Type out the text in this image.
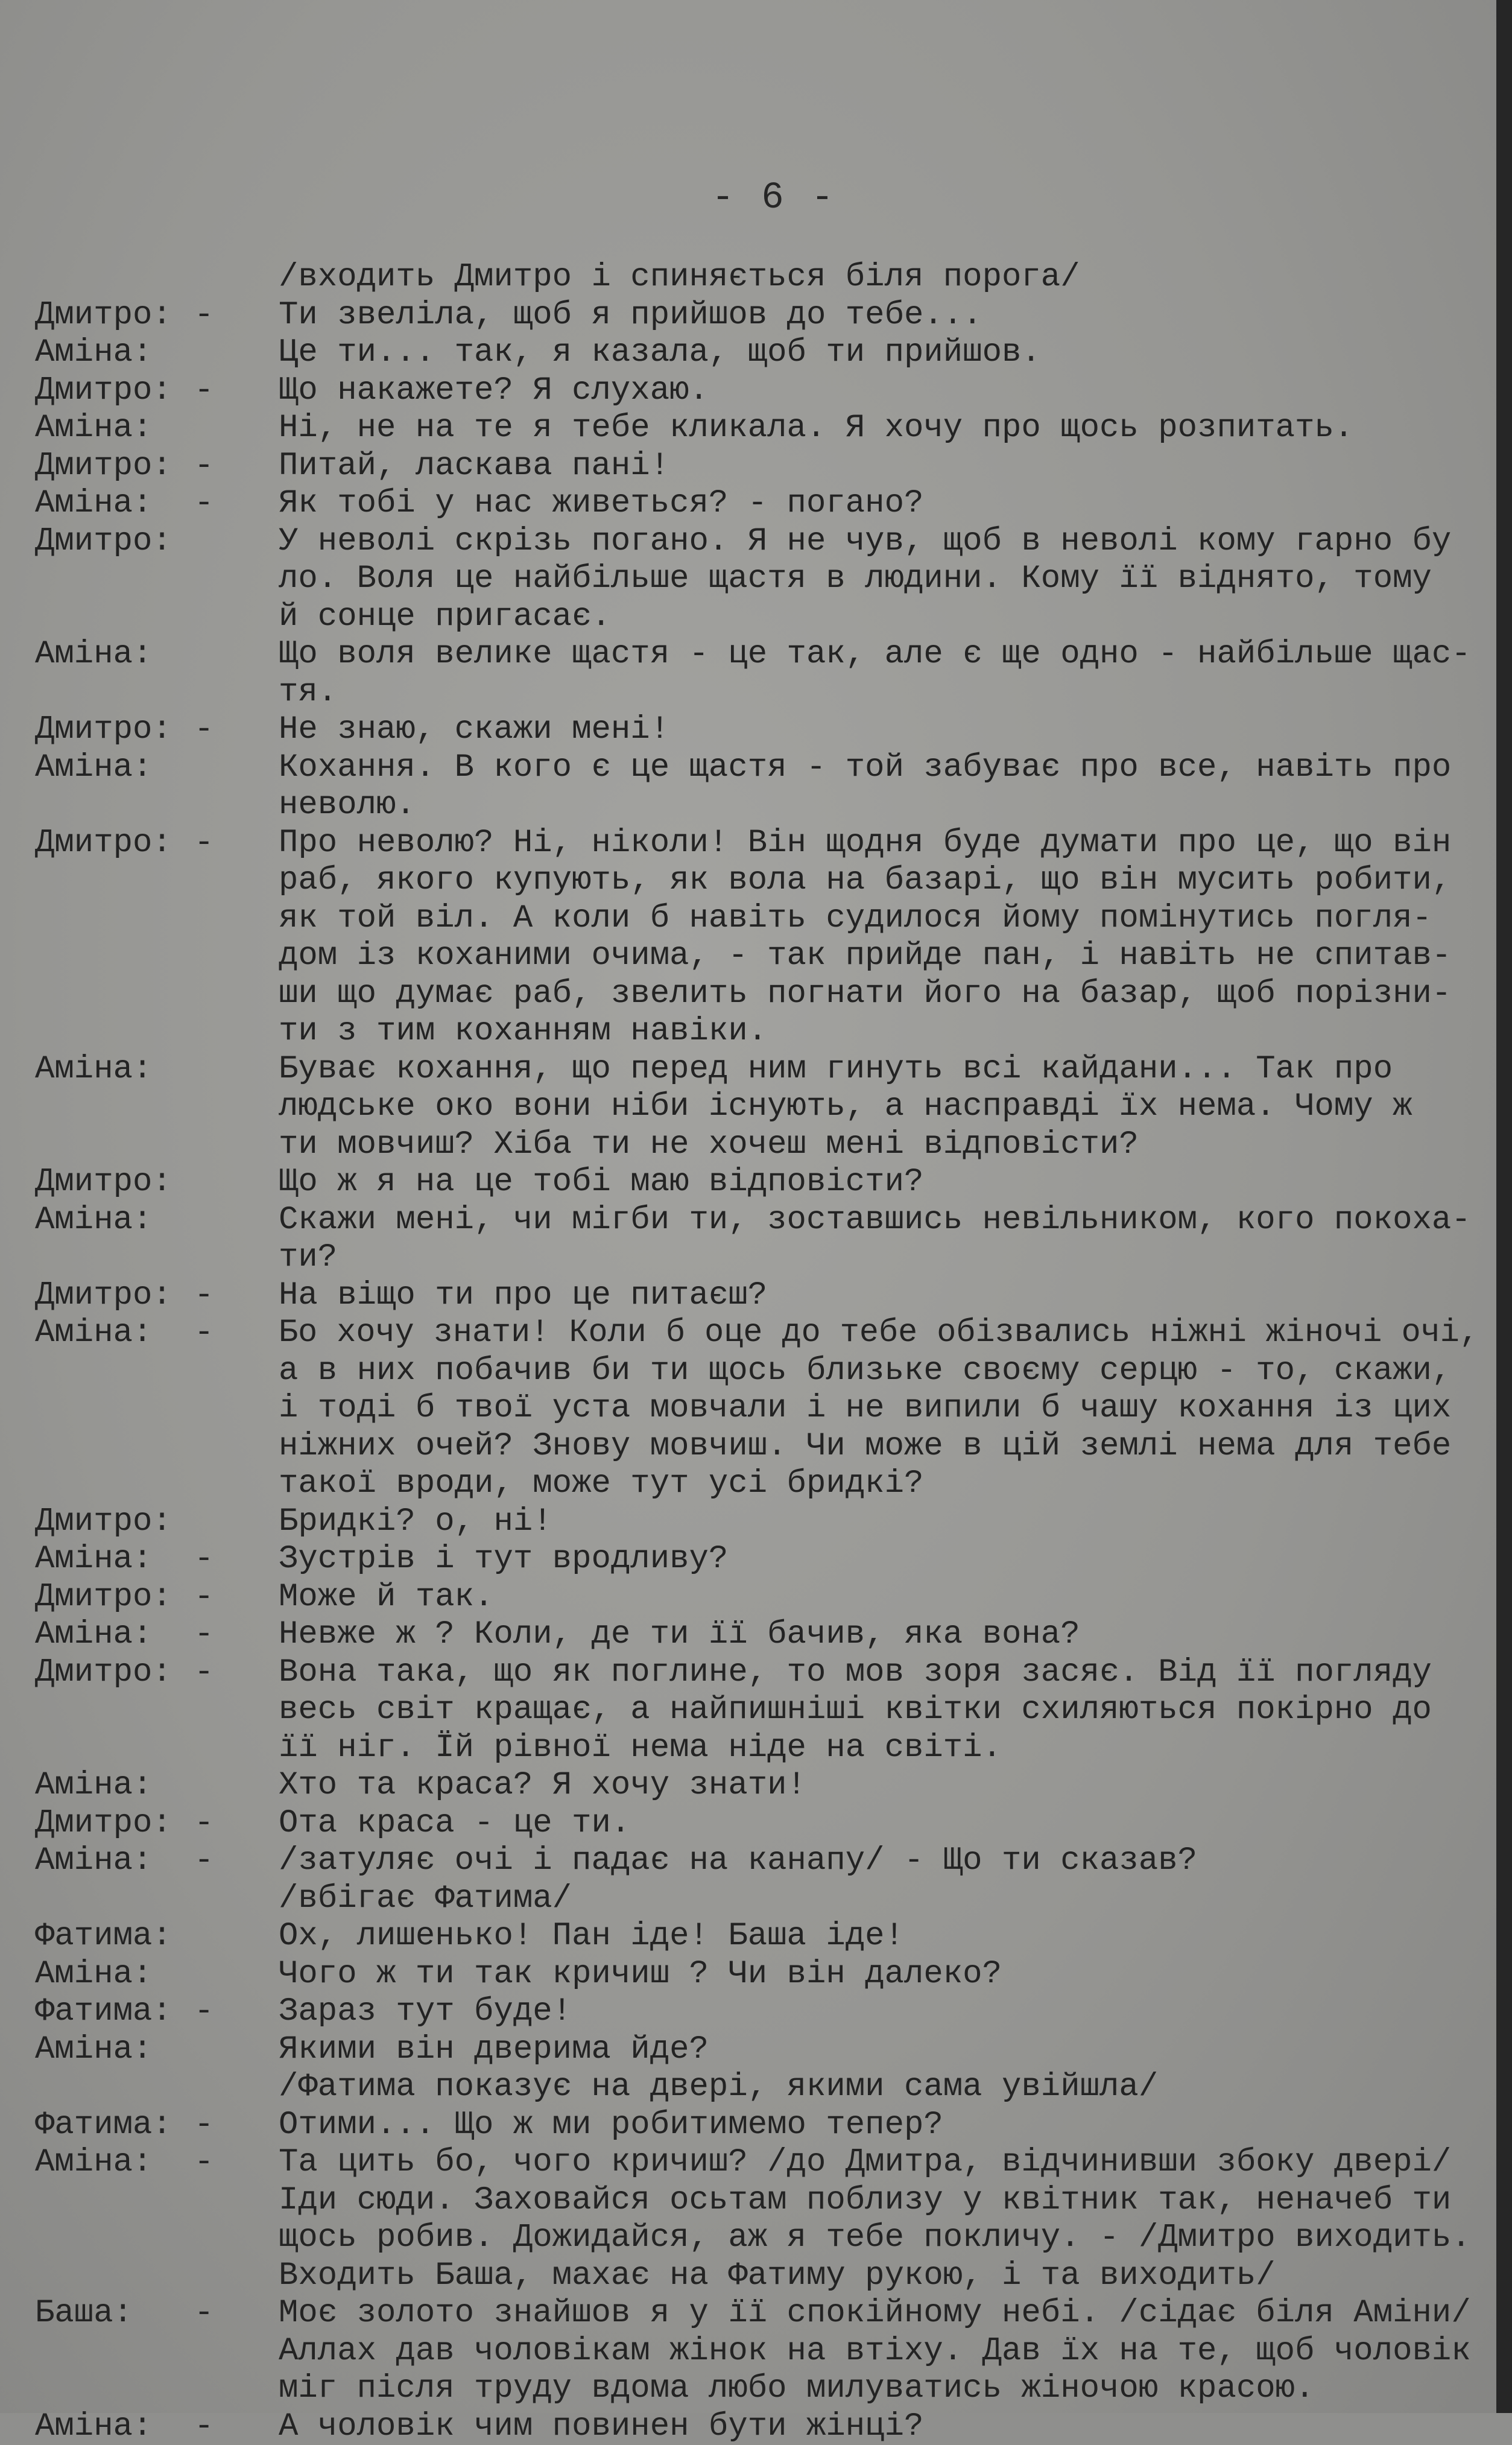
- 6 -
/входить Дмитро і спиняється біля порога/
Дмитро: - Ти звеліла, щоб я прийшов до тебе...
Аміна:	Це ти... так, я казала, щоб ти прийшов.
Дмитро: - Що накажете? Я слухаю.
Аміна:	Ні, не на те я тебе кликала. Я хочу про щось розпитать.
Дмитро: - Питай, ласкава пані!
Аміна: - Як тобі у нас живеться? - погано?
Дмитро:	У неволі скрізь погано. Я не чув, щоб в неволі кому гарно бу
ло. Воля це найбільше щастя в людини. Кому її віднято, тому
й сонце пригасає.
Аміна:	Що воля велике щастя - це так, але є ще одно - найбільше щас-
тя.
Дмитро: - Не знаю, скажи мені!
Аміна:	Кохання. В кого є це щастя - той забуває про все, навіть про
неволю.
Дмитро: - Про неволю? Ні, ніколи! Він щодня буде думати про це, що він
раб, якого купують, як вола на базарі, що він мусить робити,
як той віл. А коли б навіть судилося йому помінутись погля-
дом із коханими очима, - так прийде пан, і навіть не спитав-
ши що думає раб, звелить погнати його на базар, щоб порізни-
ти з тим коханням навіки.
Аміна:	Буває кохання, що перед ним гинуть всі кайдани... Так про
людське око вони ніби існують, а насправді їх нема. Чому ж
ти мовчиш? Хіба ти не хочеш мені відповісти?
Дмитро:	Що ж я на це тобі маю відповісти?
Аміна:	Скажи мені, чи мігби ти, зоставшись невільником, кого покоха-
ти?
Дмитро: - На віщо ти про це питаєш?
Аміна: - Бо хочу знати! Коли б оце до тебе обізвались ніжні жіночі очі,
а в них побачив би ти щось близьке своєму серцю - то, скажи,
і тоді б твої уста мовчали і не випили б чашу кохання із цих
ніжних очей? Знову мовчиш. Чи може в цій землі нема для тебе
такої вроди, може тут усі бридкі?
Дмитро:	Бридкі? о, ні!
Аміна: - Зустрів і тут вродливу?
Дмитро: - Може й так.
Аміна: - Невже ж ? Коли, де ти її бачив, яка вона?
Дмитро: - Вона така, що як поглине, то мов зоря засяє. Від її погляду
весь світ кращає, а найпишніші квітки схиляються покірно до
її ніг. Їй рівної нема ніде на світі.
Аміна:	Хто та краса? Я хочу знати!
Дмитро: - Ота краса - це ти.
Аміна: - /затуляє очі і падає на канапу/ - Що ти сказав?
/вбігає Фатима/
Фатима:	Ох, лишенько! Пан іде! Баша іде!
Аміна:	Чого ж ти так кричиш ? Чи він далеко?
Фатима: - Зараз тут буде!
Аміна:	Якими він дверима йде?
/Фатима показує на двері, якими сама увійшла/
Фатима: - Отими... Що ж ми робитимемо тепер?
Аміна: - Та цить бо, чого кричиш? /до Дмитра, відчинивши збоку двері/
Іди сюди. Заховайся осьтам поблизу у квітник так, неначеб ти
щось робив. Дожидайся, аж я тебе покличу. - /Дмитро виходить.
Входить Баша, махає на Фатиму рукою, і та виходить/
Баша: - Моє золото знайшов я у її спокійному небі. /сідає біля Аміни/
Аллах дав чоловікам жінок на втіху. Дав їх на те, щоб чоловік
міг після труду вдома любо милуватись жіночою красою.
Аміна: - А чоловік чим повинен бути жінці?
